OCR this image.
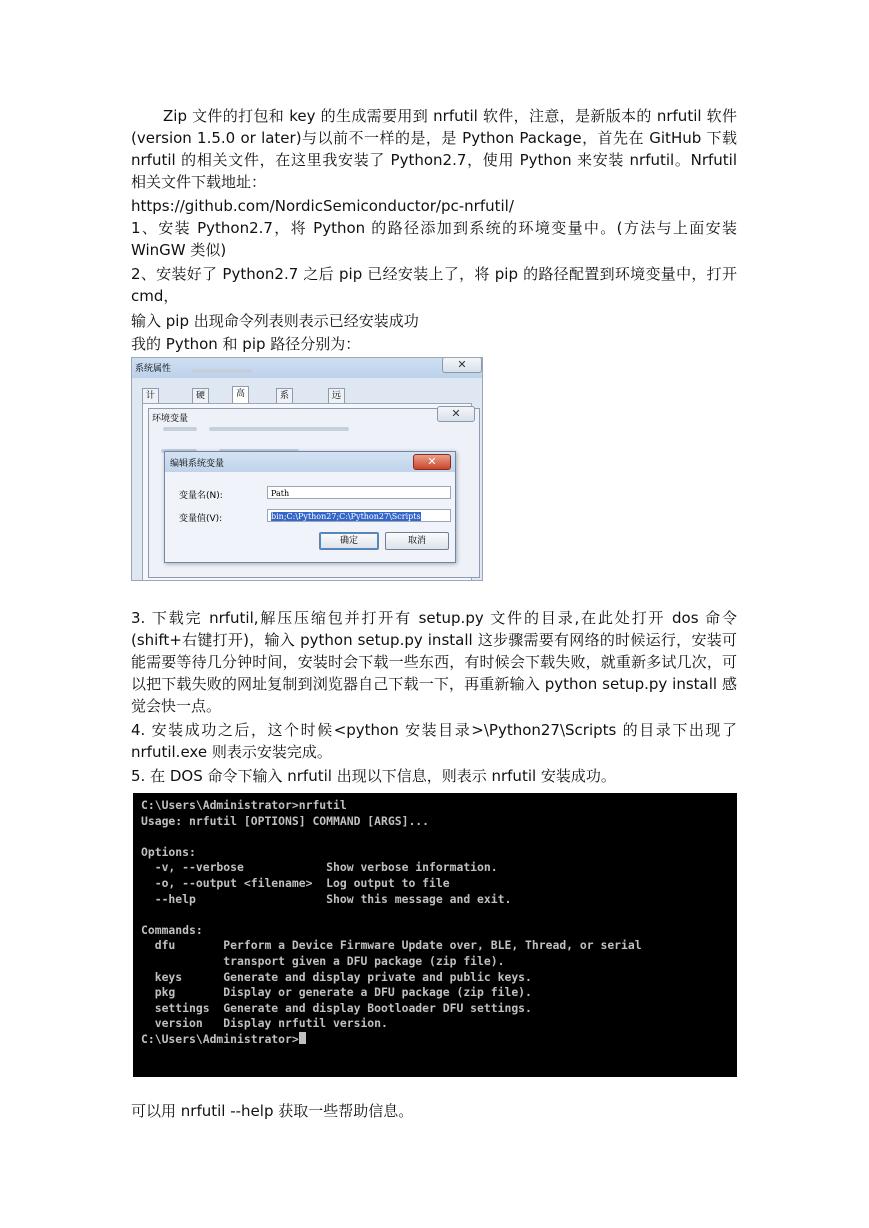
Zip 文件的打包和 key 的生成需要用到 nrfutil 软件，注意，是新版本的 nrfutil 软件(version 1.5.0 or later)与以前不一样的是，是 Python Package，首先在 GitHub 下载 nrfutil 的相关文件，在这里我安装了 Python2.7，使用 Python 来安装 nrfutil。Nrfutil 相关文件下载地址：

https://github.com/NordicSemiconductor/pc-nrfutil/

1、安装 Python2.7，将 Python 的路径添加到系统的环境变量中。(方法与上面安装 WinGW 类似)

2、安装好了 Python2.7 之后 pip 已经安装上了，将 pip 的路径配置到环境变量中，打开 cmd，

输入 pip 出现命令列表则表示已经安装成功

我的 Python 和 pip 路径分别为：

系统属性	✕
计	硬	高	系	远
环境变量	✕
编辑系统变量	✕
变量名(N):	Path
变量值(V):	bin;C:\Python27;C:\Python27\Scripts
确定	取消

3. 下载完 nrfutil,解压压缩包并打开有 setup.py 文件的目录,在此处打开 dos 命令(shift+右键打开)，输入 python setup.py install 这步骤需要有网络的时候运行，安装可能需要等待几分钟时间，安装时会下载一些东西，有时候会下载失败，就重新多试几次，可以把下载失败的网址复制到浏览器自己下载一下，再重新输入 python setup.py install 感觉会快一点。

4. 安装成功之后，这个时候<python 安装目录>\Python27\Scripts 的目录下出现了 nrfutil.exe 则表示安装完成。

5. 在 DOS 命令下输入 nrfutil 出现以下信息，则表示 nrfutil 安装成功。

C:\Users\Administrator>nrfutil
Usage: nrfutil [OPTIONS] COMMAND [ARGS]...

Options:
-v, --verbose            Show verbose information.
-o, --output <filename>  Log output to file
--help                   Show this message and exit.

Commands:
dfu       Perform a Device Firmware Update over, BLE, Thread, or serial
transport given a DFU package (zip file).
keys      Generate and display private and public keys.
pkg       Display or generate a DFU package (zip file).
settings  Generate and display Bootloader DFU settings.
version   Display nrfutil version.
C:\Users\Administrator>

可以用 nrfutil --help 获取一些帮助信息。
